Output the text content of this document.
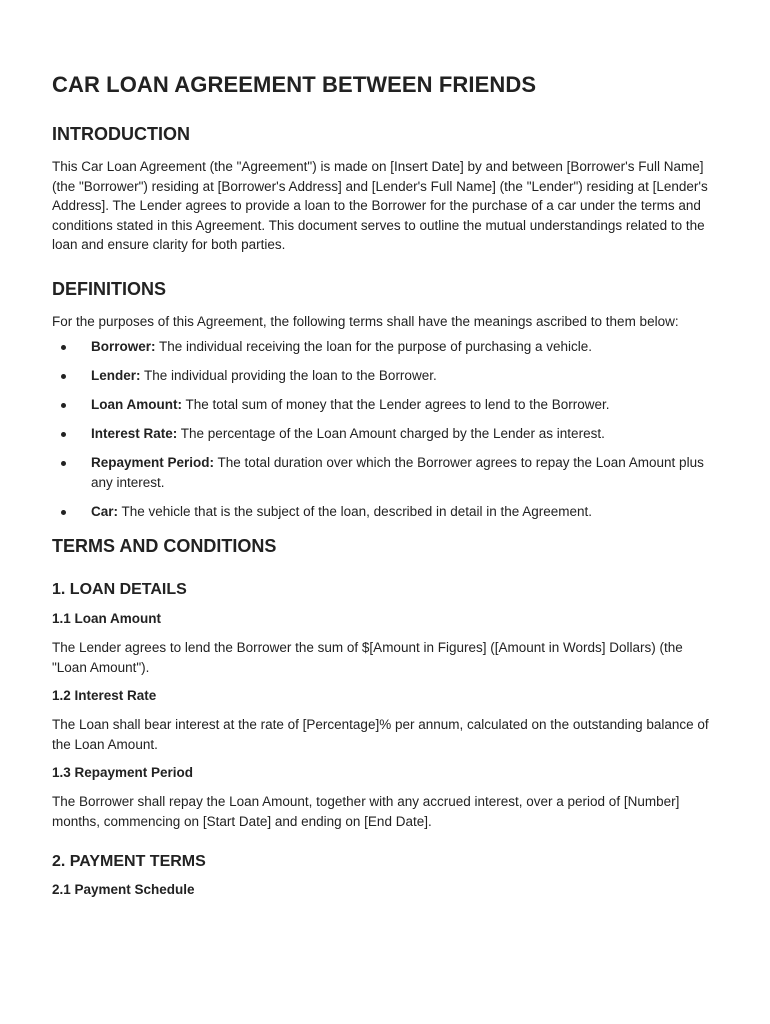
CAR LOAN AGREEMENT BETWEEN FRIENDS
INTRODUCTION

This Car Loan Agreement (the "Agreement") is made on [Insert Date] by and between [Borrower's Full Name] (the "Borrower") residing at [Borrower's Address] and [Lender's Full Name] (the "Lender") residing at [Lender's Address]. The Lender agrees to provide a loan to the Borrower for the purchase of a car under the terms and conditions stated in this Agreement. This document serves to outline the mutual understandings related to the loan and ensure clarity for both parties.

DEFINITIONS

For the purposes of this Agreement, the following terms shall have the meanings ascribed to them below:

Borrower: The individual receiving the loan for the purpose of purchasing a vehicle.
Lender: The individual providing the loan to the Borrower.
Loan Amount: The total sum of money that the Lender agrees to lend to the Borrower.
Interest Rate: The percentage of the Loan Amount charged by the Lender as interest.
Repayment Period: The total duration over which the Borrower agrees to repay the Loan Amount plus any interest.
Car: The vehicle that is the subject of the loan, described in detail in the Agreement.
TERMS AND CONDITIONS
1. LOAN DETAILS
1.1 Loan Amount

The Lender agrees to lend the Borrower the sum of $[Amount in Figures] ([Amount in Words] Dollars) (the "Loan Amount").

1.2 Interest Rate

The Loan shall bear interest at the rate of [Percentage]% per annum, calculated on the outstanding balance of the Loan Amount.

1.3 Repayment Period

The Borrower shall repay the Loan Amount, together with any accrued interest, over a period of [Number] months, commencing on [Start Date] and ending on [End Date].

2. PAYMENT TERMS
2.1 Payment Schedule
